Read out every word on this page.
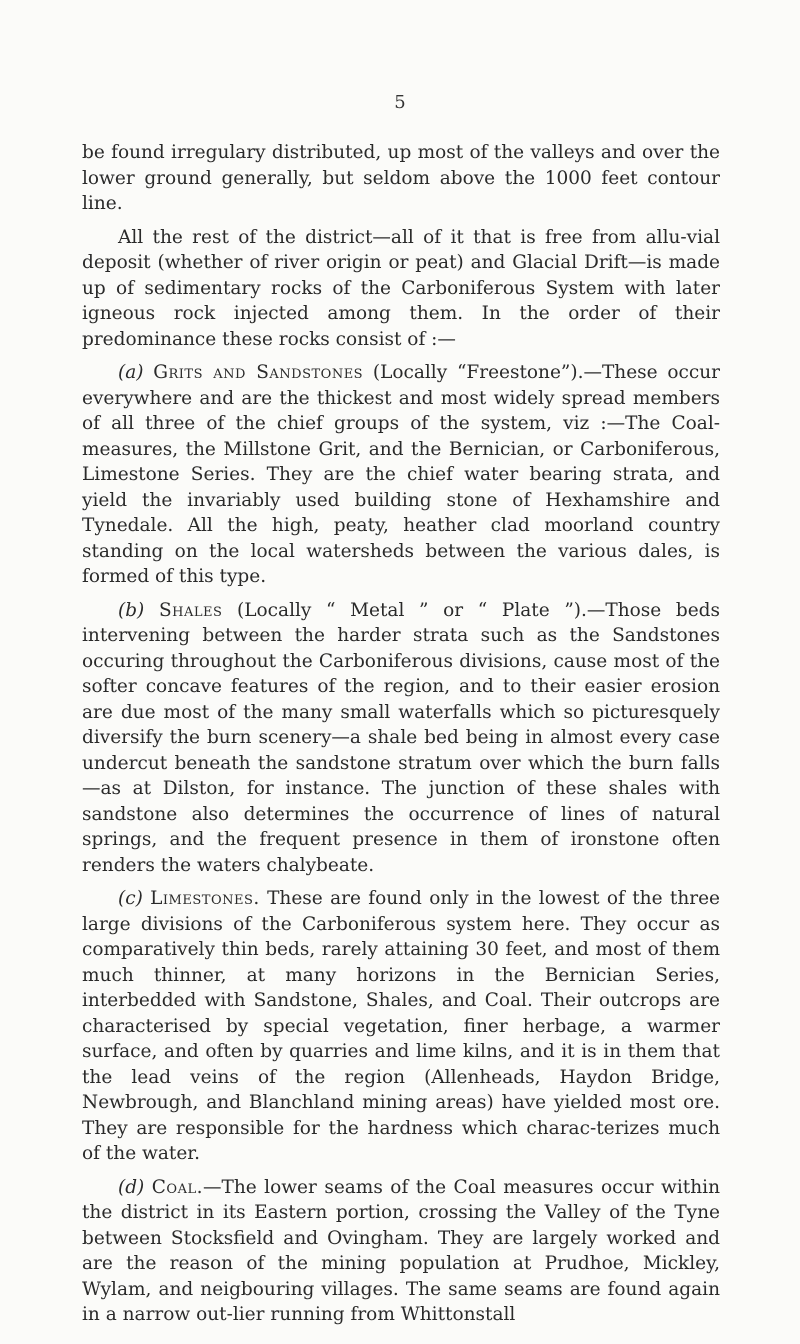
5

be found irregulary distributed, up most of the valleys and over the lower ground generally, but seldom above the 1000 feet contour line.

All the rest of the district—all of it that is free from allu-vial deposit (whether of river origin or peat) and Glacial Drift—is made up of sedimentary rocks of the Carboniferous System with later igneous rock injected among them. In the order of their predominance these rocks consist of :—

(a) Grits and Sandstones (Locally “Freestone”).—These occur everywhere and are the thickest and most widely spread members of all three of the chief groups of the system, viz :—The Coal-measures, the Millstone Grit, and the Bernician, or Carboniferous, Limestone Series. They are the chief water bearing strata, and yield the invariably used building stone of Hexhamshire and Tynedale. All the high, peaty, heather clad moorland country standing on the local watersheds between the various dales, is formed of this type.

(b) Shales (Locally “ Metal ” or “ Plate ”).—Those beds intervening between the harder strata such as the Sandstones occuring throughout the Carboniferous divisions, cause most of the softer concave features of the region, and to their easier erosion are due most of the many small waterfalls which so picturesquely diversify the burn scenery—a shale bed being in almost every case undercut beneath the sandstone stratum over which the burn falls—as at Dilston, for instance. The junction of these shales with sandstone also determines the occurrence of lines of natural springs, and the frequent presence in them of ironstone often renders the waters chalybeate.

(c) Limestones. These are found only in the lowest of the three large divisions of the Carboniferous system here. They occur as comparatively thin beds, rarely attaining 30 feet, and most of them much thinner, at many horizons in the Bernician Series, interbedded with Sandstone, Shales, and Coal. Their outcrops are characterised by special vegetation, finer herbage, a warmer surface, and often by quarries and lime kilns, and it is in them that the lead veins of the region (Allenheads, Haydon Bridge, Newbrough, and Blanchland mining areas) have yielded most ore. They are responsible for the hardness which charac-terizes much of the water.

(d) Coal.—The lower seams of the Coal measures occur within the district in its Eastern portion, crossing the Valley of the Tyne between Stocksfield and Ovingham. They are largely worked and are the reason of the mining population at Prudhoe, Mickley, Wylam, and neigbouring villages. The same seams are found again in a narrow out-lier running from Whittonstall
